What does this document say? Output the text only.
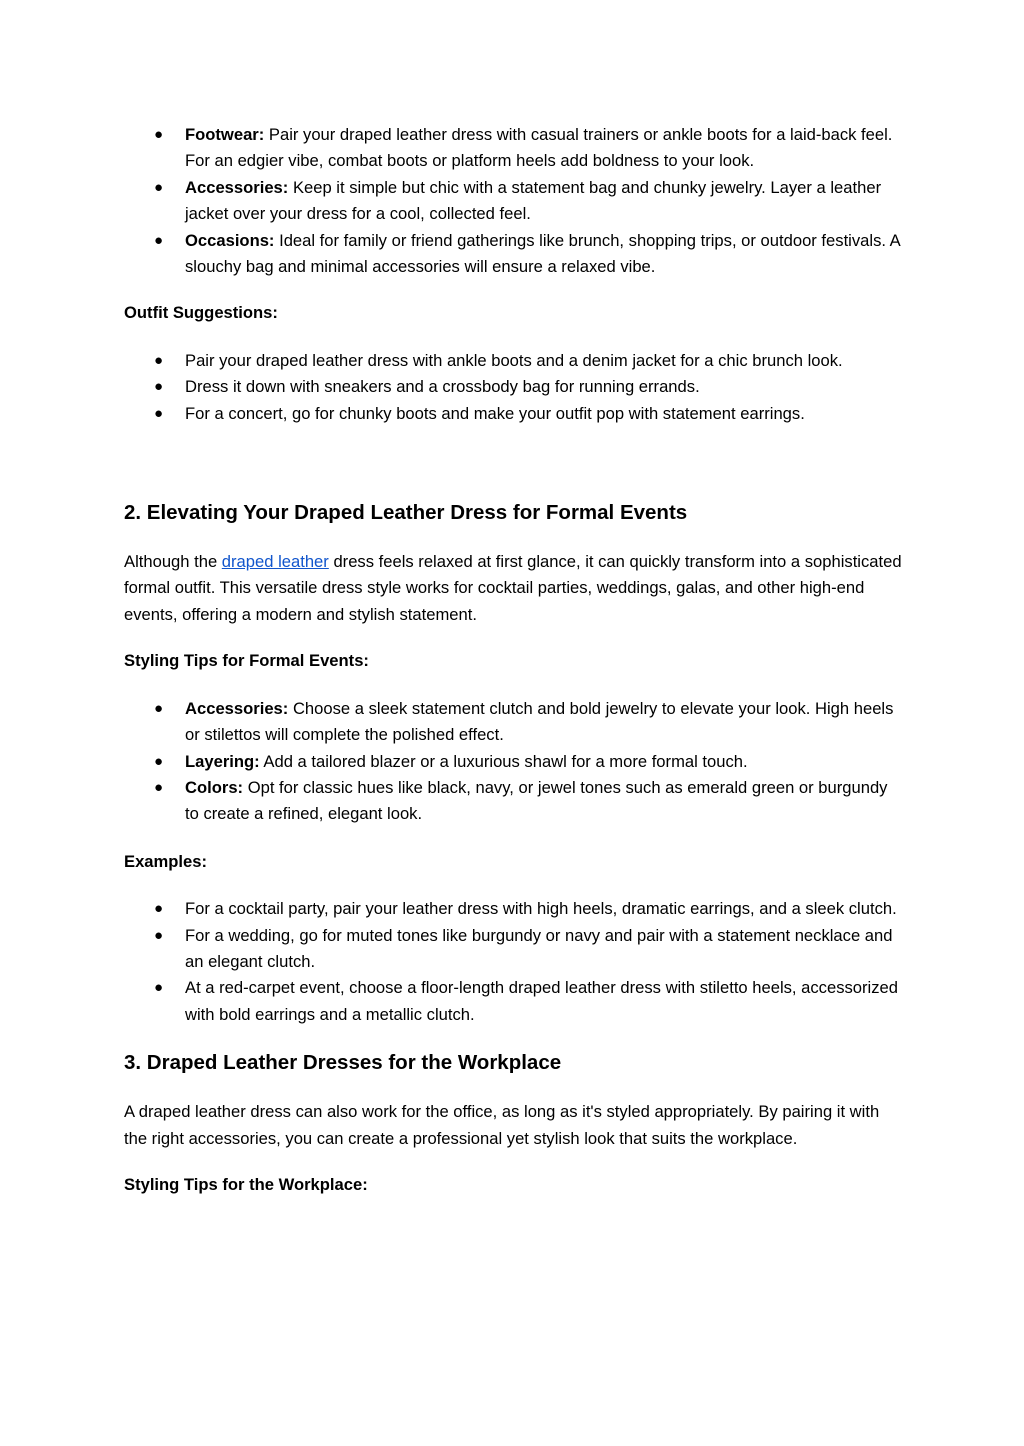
● Footwear: Pair your draped leather dress with casual trainers or ankle boots for a laid-back feel. For an edgier vibe, combat boots or platform heels add boldness to your look.
● Accessories: Keep it simple but chic with a statement bag and chunky jewelry. Layer a leather jacket over your dress for a cool, collected feel.
● Occasions: Ideal for family or friend gatherings like brunch, shopping trips, or outdoor festivals. A slouchy bag and minimal accessories will ensure a relaxed vibe.

Outfit Suggestions:

● Pair your draped leather dress with ankle boots and a denim jacket for a chic brunch look.
● Dress it down with sneakers and a crossbody bag for running errands.
● For a concert, go for chunky boots and make your outfit pop with statement earrings.
2. Elevating Your Draped Leather Dress for Formal Events

Although the draped leather dress feels relaxed at first glance, it can quickly transform into a sophisticated formal outfit. This versatile dress style works for cocktail parties, weddings, galas, and other high-end events, offering a modern and stylish statement.

Styling Tips for Formal Events:

● Accessories: Choose a sleek statement clutch and bold jewelry to elevate your look. High heels or stilettos will complete the polished effect.
● Layering: Add a tailored blazer or a luxurious shawl for a more formal touch.
● Colors: Opt for classic hues like black, navy, or jewel tones such as emerald green or burgundy to create a refined, elegant look.

Examples:

● For a cocktail party, pair your leather dress with high heels, dramatic earrings, and a sleek clutch.
● For a wedding, go for muted tones like burgundy or navy and pair with a statement necklace and an elegant clutch.
● At a red-carpet event, choose a floor-length draped leather dress with stiletto heels, accessorized with bold earrings and a metallic clutch.
3. Draped Leather Dresses for the Workplace

A draped leather dress can also work for the office, as long as it's styled appropriately. By pairing it with the right accessories, you can create a professional yet stylish look that suits the workplace.

Styling Tips for the Workplace:
